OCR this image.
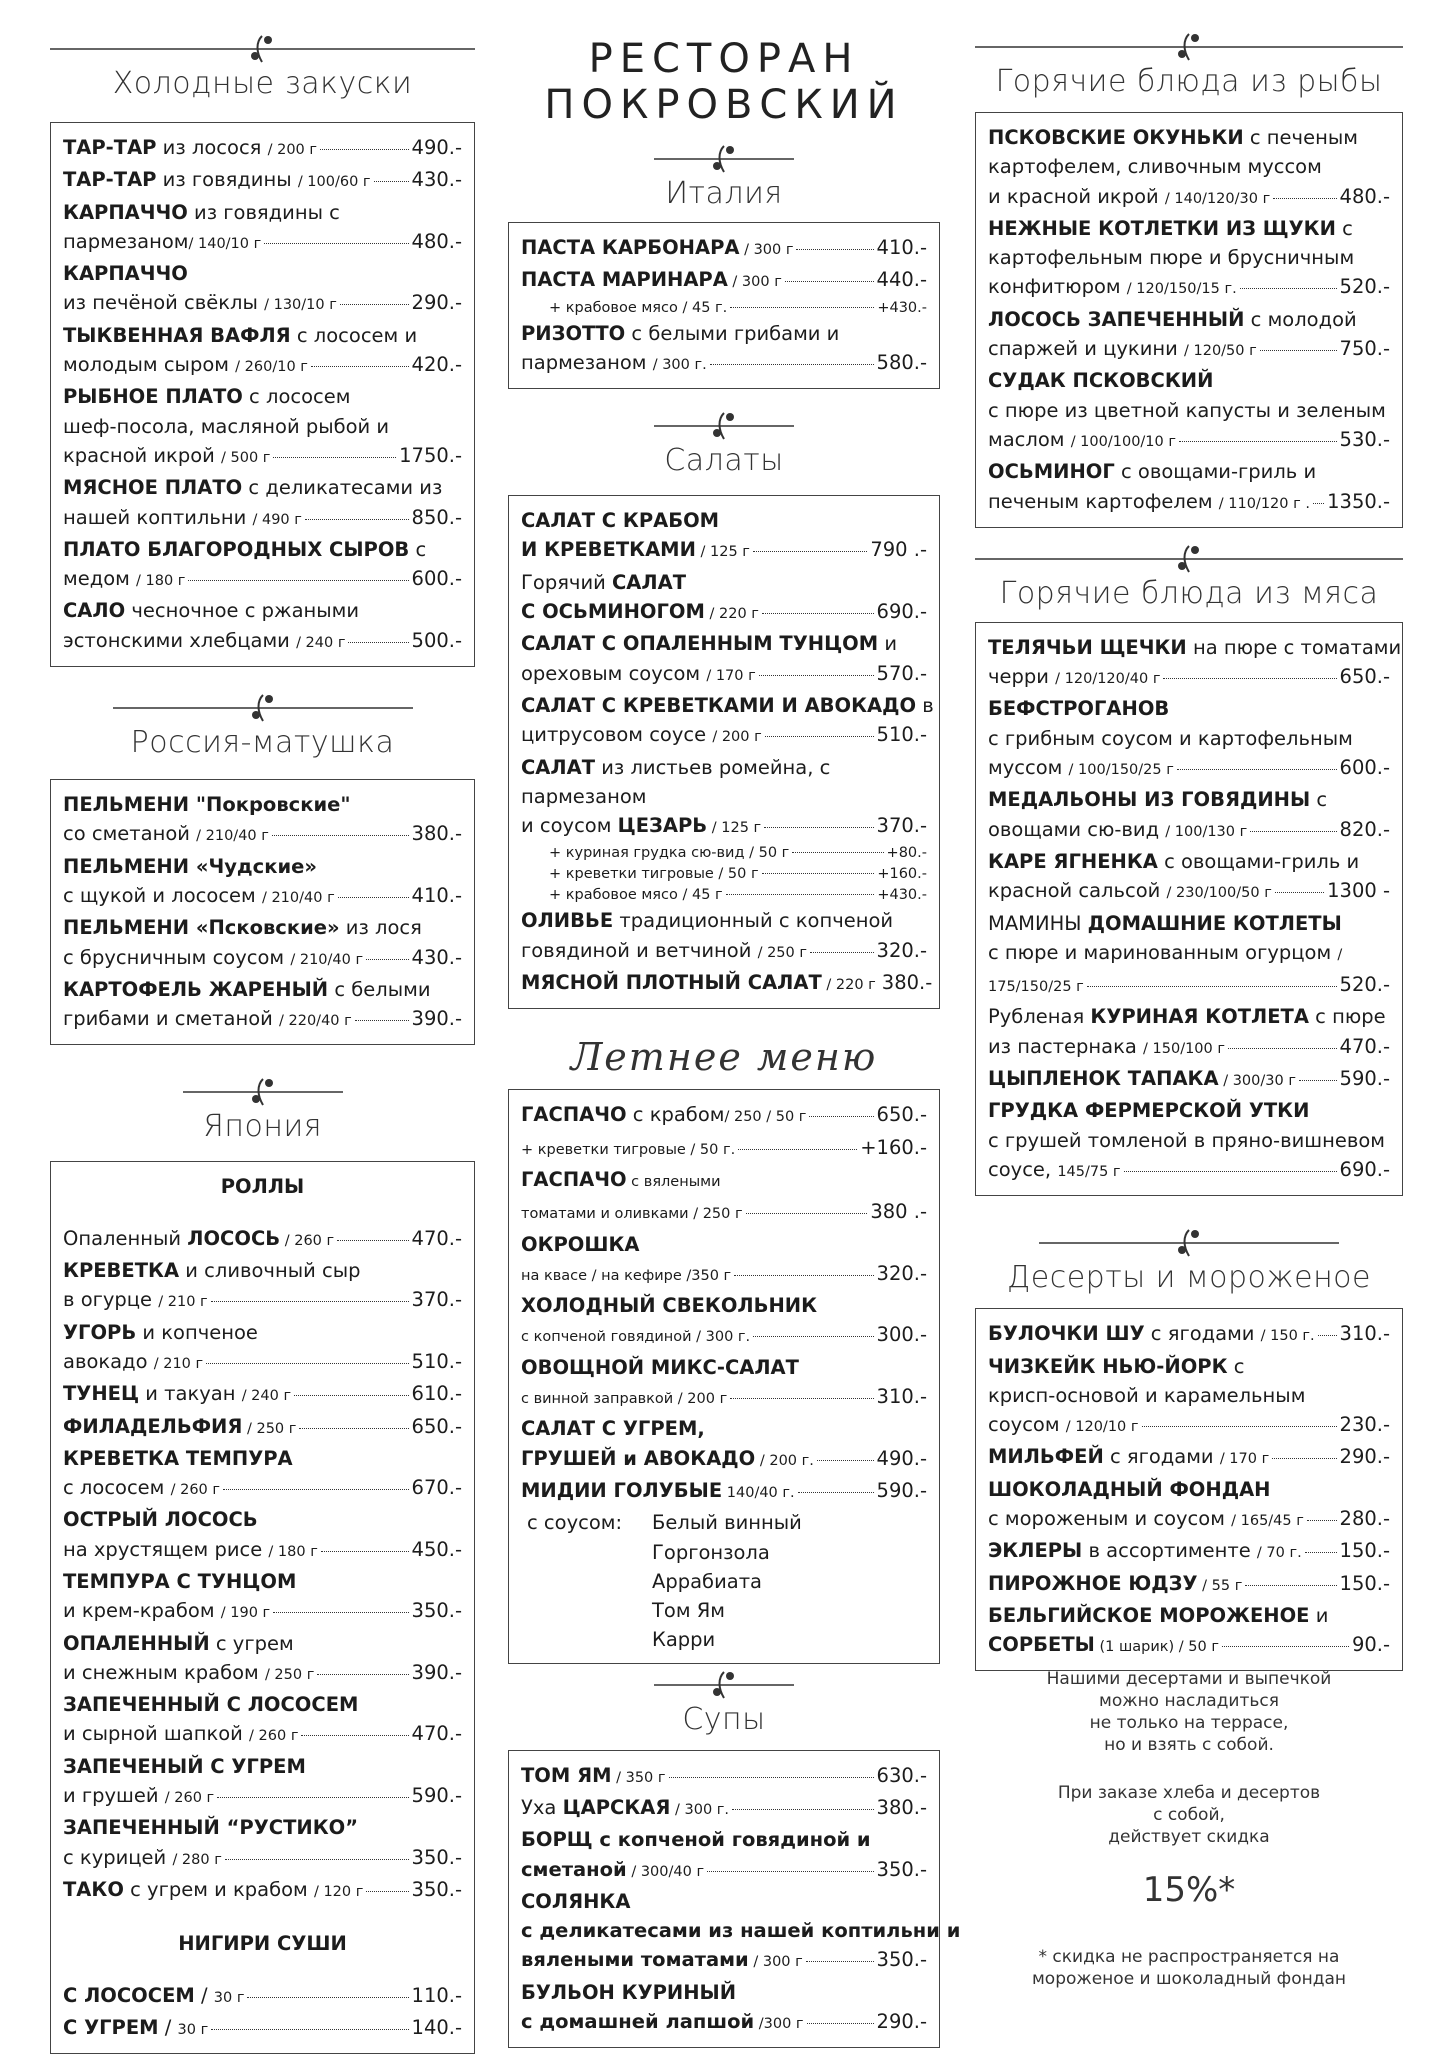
Холодные закуски
ТАР-ТАР из лосося / 200 г	490.-
ТАР-ТАР из говядины / 100/60 г 430.-
КАРПАЧЧО из говядины с
пармезаном/ 140/10 г	480.-
КАРПАЧЧО
из печёной свёклы / 130/10 г	290.-
ТЫКВЕННАЯ ВАФЛЯ с лососем и
молодым сыром / 260/10 г	420.-
РЫБНОЕ ПЛАТО с лососем
шеф-посола, масляной рыбой и
красной икрой / 500 г	1750.-
МЯСНОЕ ПЛАТО с деликатесами из
нашей коптильни / 490 г	850.-
ПЛАТО БЛАГОРОДНЫХ СЫРОВ с
медом / 180 г	600.-
САЛО чесночное с ржаными
эстонскими хлебцами / 240 г	500.-
Россия-матушка
ПЕЛЬМЕНИ "Покровские"
со сметаной / 210/40 г	380.-
ПЕЛЬМЕНИ «Чудские»
с щукой и лососем / 210/40 г	410.-
ПЕЛЬМЕНИ «Псковские» из лося
с брусничным соусом / 210/40 г 430.-
КАРТОФЕЛЬ ЖАРЕНЫЙ с белыми
грибами и сметаной / 220/40 г	390.-
Япония
РОЛЛЫ
Опаленный ЛОСОСЬ / 260 г	470.-
КРЕВЕТКА и сливочный сыр
в огурце / 210 г	370.-
УГОРЬ и копченое
авокадо / 210 г	510.-
ТУНЕЦ и такуан / 240 г	610.-
ФИЛАДЕЛЬФИЯ / 250 г	650.-
КРЕВЕТКА ТЕМПУРА
с лососем / 260 г	670.-
ОСТРЫЙ ЛОСОСЬ
на хрустящем рисе / 180 г	450.-
ТЕМПУРА С ТУНЦОМ
и крем-крабом / 190 г	350.-
ОПАЛЕННЫЙ с угрем
и снежным крабом / 250 г	390.-
ЗАПЕЧЕННЫЙ С ЛОСОСЕМ
и сырной шапкой / 260 г	470.-
ЗАПЕЧЕНЫЙ С УГРЕМ
и грушей / 260 г	590.-
ЗАПЕЧЕННЫЙ “РУСТИКО”
с курицей / 280 г	350.-
ТАКО с угрем и крабом / 120 г 350.-
НИГИРИ СУШИ
С ЛОСОСЕМ / 30 г	110.-
С УГРЕМ / 30 г	140.-
РЕСТОРАН
ПОКРОВСКИЙ
Италия
ПАСТА КАРБОНАРА / 300 г	410.-
ПАСТА МАРИНАРА / 300 г	440.-
+ крабовое мясо / 45 г.	+430.-
РИЗОТТО с белыми грибами и
пармезаном / 300 г.	580.-
Салаты
САЛАТ С КРАБОМ
И КРЕВЕТКАМИ / 125 г	790 .-
Горячий САЛАТ
С ОСЬМИНОГОМ / 220 г	690.-
САЛАТ С ОПАЛЕННЫМ ТУНЦОМ и
ореховым соусом / 170 г	570.-
САЛАТ С КРЕВЕТКАМИ И АВОКАДО в
цитрусовом соусе / 200 г	510.-
САЛАТ из листьев ромейна, с
пармезаном
и соусом ЦЕЗАРЬ / 125 г	370.-
+ куриная грудка сю-вид / 50 г	+80.-
+ креветки тигровые / 50 г	+160.-
+ крабовое мясо / 45 г	+430.-
ОЛИВЬЕ традиционный с копченой
говядиной и ветчиной / 250 г	320.-
МЯСНОЙ ПЛОТНЫЙ САЛАТ / 220 г 380.-
Летнее меню
ГАСПАЧО с крабом/ 250 / 50 г	650.-
+ креветки тигровые / 50 г.	+160.-
ГАСПАЧО с вялеными
томатами и оливками / 250 г	380 .-
ОКРОШКА
на квасе / на кефире /350 г	320.-
ХОЛОДНЫЙ СВЕКОЛЬНИК
с копченой говядиной / 300 г.	300.-
ОВОЩНОЙ МИКС-САЛАТ
с винной заправкой / 200 г	310.-
САЛАТ С УГРЕМ,
ГРУШЕЙ и АВОКАДО / 200 г.	490.-
МИДИИ ГОЛУБЫЕ 140/40 г.	590.-
с соусом:	Белый винный
Горгонзола
Аррабиата
Том Ям
Карри
Супы
ТОМ ЯМ / 350 г	630.-
Уха ЦАРСКАЯ / 300 г.	380.-
БОРЩ с копченой говядиной и
сметаной / 300/40 г	350.-
СОЛЯНКА
с деликатесами из нашей коптильни и
вялеными томатами / 300 г	350.-
БУЛЬОН КУРИНЫЙ
с домашней лапшой /300 г	290.-
Горячие блюда из рыбы
ПСКОВСКИЕ ОКУНЬКИ с печеным
картофелем, сливочным муссом
и красной икрой / 140/120/30 г	480.-
НЕЖНЫЕ КОТЛЕТКИ ИЗ ЩУКИ с
картофельным пюре и брусничным
конфитюром / 120/150/15 г.	520.-
ЛОСОСЬ ЗАПЕЧЕННЫЙ с молодой
спаржей и цукини / 120/50 г	750.-
СУДАК ПСКОВСКИЙ
с пюре из цветной капусты и зеленым
маслом / 100/100/10 г	530.-
ОСЬМИНОГ с овощами-гриль и
печеным картофелем / 110/120 г . 1350.-
Горячие блюда из мяса
ТЕЛЯЧЬИ ЩЕЧКИ на пюре с томатами
черри / 120/120/40 г	650.-
БЕФСТРОГАНОВ
с грибным соусом и картофельным
муссом / 100/150/25 г	600.-
МЕДАЛЬОНЫ ИЗ ГОВЯДИНЫ с
овощами сю-вид / 100/130 г	820.-
КАРЕ ЯГНЕНКА с овощами-гриль и
красной сальсой / 230/100/50 г	1300 -
МАМИНЫ ДОМАШНИЕ КОТЛЕТЫ
с пюре и маринованным огурцом /
175/150/25 г	520.-
Рубленая КУРИНАЯ КОТЛЕТА с пюре
из пастернака / 150/100 г	470.-
ЦЫПЛЕНОК ТАПАКА / 300/30 г 590.-
ГРУДКА ФЕРМЕРСКОЙ УТКИ
с грушей томленой в пряно-вишневом
соусе, 145/75 г	690.-
Десерты и мороженое
БУЛОЧКИ ШУ с ягодами / 150 г. 310.-
ЧИЗКЕЙК НЬЮ-ЙОРК с
крисп-основой и карамельным
соусом / 120/10 г	230.-
МИЛЬФЕЙ с ягодами / 170 г	290.-
ШОКОЛАДНЫЙ ФОНДАН
с мороженым и соусом / 165/45 г 280.-
ЭКЛЕРЫ в ассортименте / 70 г. 150.-
ПИРОЖНОЕ ЮДЗУ / 55 г	150.-
БЕЛЬГИЙСКОЕ МОРОЖЕНОЕ и
СОРБЕТЫ (1 шарик) / 50 г	90.-
Нашими десертами и выпечкой
можно насладиться
не только на террасе,
но и взять с собой.
При заказе хлеба и десертов
с собой,
действует скидка
15%*
* скидка не распространяется на
мороженое и шоколадный фондан
